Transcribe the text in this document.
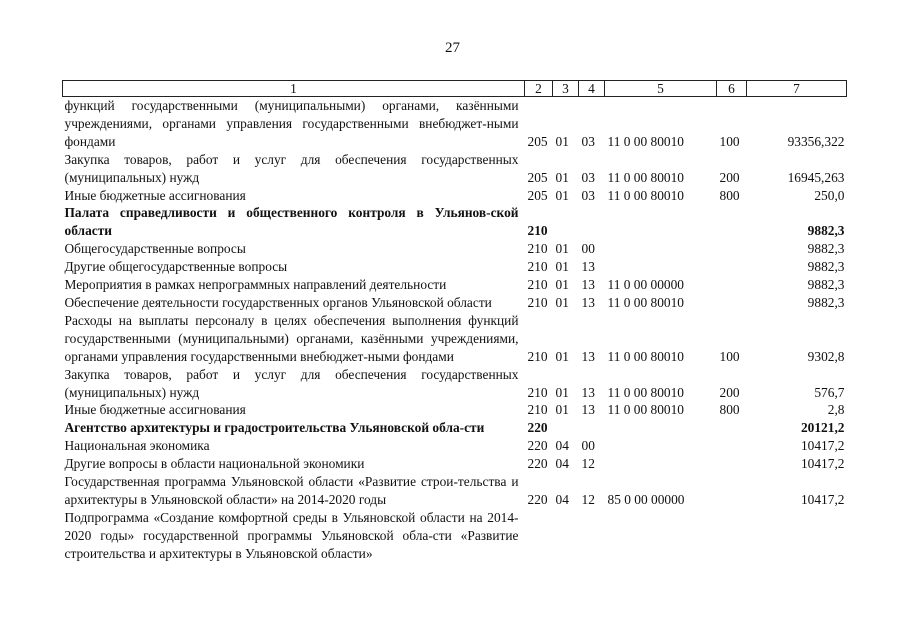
27
1	2	3	4	5	6	7
функций государственными (муниципальными) органами, казёнными учреждениями, органами управления государственными внебюджет-ными фондами	205	01	03	11 0 00 80010	100	93356,322
Закупка товаров, работ и услуг для обеспечения государственных (муниципальных) нужд	205	01	03	11 0 00 80010	200	16945,263
Иные бюджетные ассигнования	205	01	03	11 0 00 80010	800	250,0
Палата справедливости и общественного контроля в Ульянов-ской области	210					9882,3
Общегосударственные вопросы	210	01	00			9882,3
Другие общегосударственные вопросы	210	01	13			9882,3
Мероприятия в рамках непрограммных направлений деятельности	210	01	13	11 0 00 00000		9882,3
Обеспечение деятельности государственных органов Ульяновской области	210	01	13	11 0 00 80010		9882,3
Расходы на выплаты персоналу в целях обеспечения выполнения функций государственными (муниципальными) органами, казёнными учреждениями, органами управления государственными внебюджет-ными фондами	210	01	13	11 0 00 80010	100	9302,8
Закупка товаров, работ и услуг для обеспечения государственных (муниципальных) нужд	210	01	13	11 0 00 80010	200	576,7
Иные бюджетные ассигнования	210	01	13	11 0 00 80010	800	2,8
Агентство архитектуры и градостроительства Ульяновской обла-сти	220					20121,2
Национальная экономика	220	04	00			10417,2
Другие вопросы в области национальной экономики	220	04	12			10417,2
Государственная программа Ульяновской области «Развитие строи-тельства и архитектуры в Ульяновской области» на 2014-2020 годы	220	04	12	85 0 00 00000		10417,2
Подпрограмма «Создание комфортной среды в Ульяновской области на 2014-2020 годы» государственной программы Ульяновской обла-сти «Развитие строительства и архитектуры в Ульяновской области»						
